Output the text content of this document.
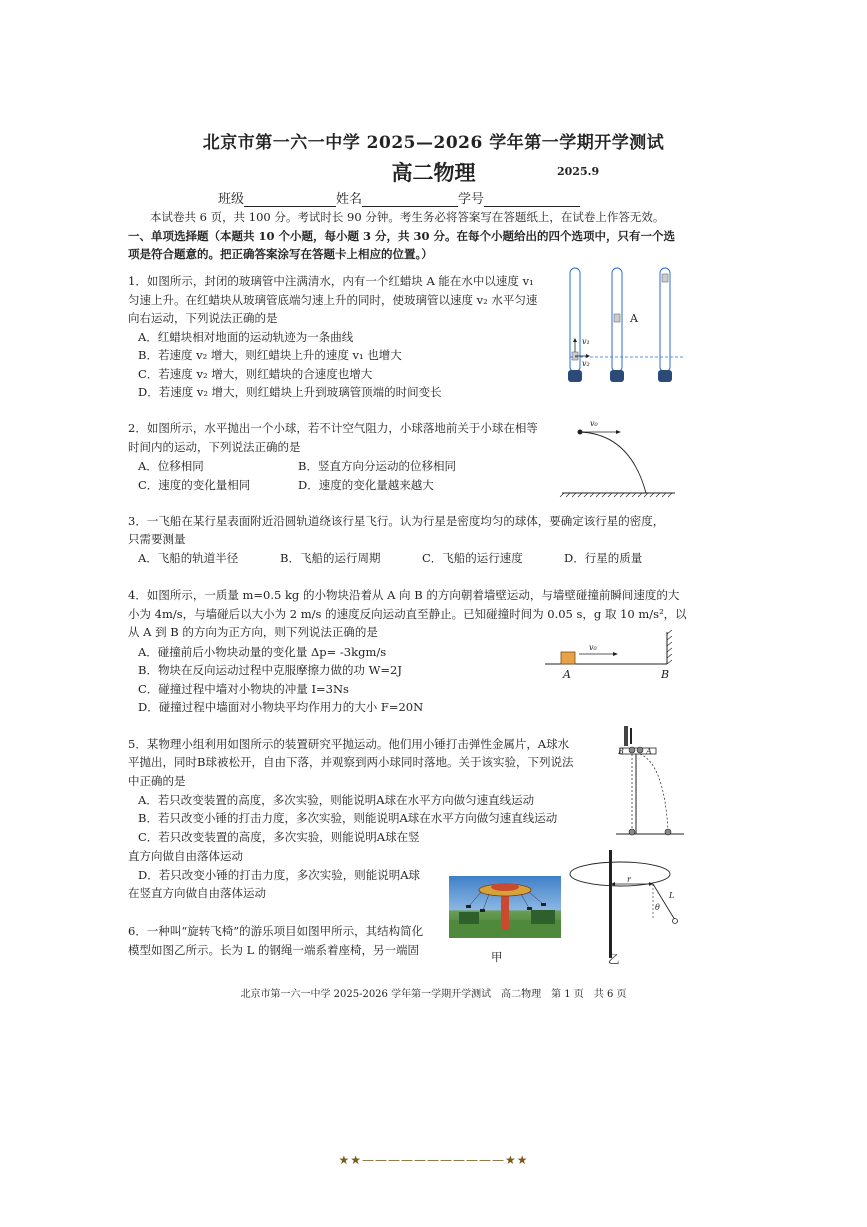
北京市第一六一中学 2025—2026 学年第一学期开学测试
高二物理	2025.9
班级	姓名	学号
本试卷共 6 页，共 100 分。考试时长 90 分钟。考生务必将答案写在答题纸上，在试卷上作答无效。
一、单项选择题（本题共 10 个小题，每小题 3 分，共 30 分。在每个小题给出的四个选项中，只有一个选
项是符合题意的。把正确答案涂写在答题卡上相应的位置。）
1．如图所示，封闭的玻璃管中注满清水，内有一个红蜡块 A 能在水中以速度 v₁
匀速上升。在红蜡块从玻璃管底端匀速上升的同时，使玻璃管以速度 v₂ 水平匀速
向右运动，下列说法正确的是
A．红蜡块相对地面的运动轨迹为一条曲线
B．若速度 v₂ 增大，则红蜡块上升的速度 v₁ 也增大
C．若速度 v₂ 增大，则红蜡块的合速度也增大
D．若速度 v₂ 增大，则红蜡块上升到玻璃管顶端的时间变长
v₁
v₂
A
2．如图所示，水平抛出一个小球，若不计空气阻力，小球落地前关于小球在相等
时间内的运动，下列说法正确的是
A．位移相同	B．竖直方向分运动的位移相同
C．速度的变化量相同	D．速度的变化量越来越大
v₀
3．一飞船在某行星表面附近沿圆轨道绕该行星飞行。认为行星是密度均匀的球体，要确定该行星的密度，
只需要测量
A．飞船的轨道半径	B．飞船的运行周期	C．飞船的运行速度	D．行星的质量
4．如图所示，一质量 m=0.5 kg 的小物块沿着从 A 向 B 的方向朝着墙壁运动，与墙壁碰撞前瞬间速度的大
小为 4m/s，与墙碰后以大小为 2 m/s 的速度反向运动直至静止。已知碰撞时间为 0.05 s，g 取 10 m/s²，以
从 A 到 B 的方向为正方向，则下列说法正确的是
A．碰撞前后小物块动量的变化量 Δp= -3kgm/s
B．物块在反向运动过程中克服摩擦力做的功 W=2J
C．碰撞过程中墙对小物块的冲量 I=3Ns
D．碰撞过程中墙面对小物块平均作用力的大小 F=20N
v₀
A	B
5．某物理小组利用如图所示的装置研究平抛运动。他们用小锤打击弹性金属片，A球水
平抛出，同时B球被松开，自由下落，并观察到两小球同时落地。关于该实验，下列说法
中正确的是
A．若只改变装置的高度，多次实验，则能说明A球在水平方向做匀速直线运动
B．若只改变小锤的打击力度，多次实验，则能说明A球在水平方向做匀速直线运动
C．若只改变装置的高度，多次实验，则能说明A球在竖
直方向做自由落体运动
D．若只改变小锤的打击力度，多次实验，则能说明A球
在竖直方向做自由落体运动
B	A
6．一种叫“旋转飞椅”的游乐项目如图甲所示，其结构简化
模型如图乙所示。长为 L 的钢绳一端系着座椅，另一端固	甲
r
L
θ
乙
北京市第一六一中学 2025-2026 学年第一学期开学测试　高二物理　第 1 页　共 6 页
★★———————————★★
